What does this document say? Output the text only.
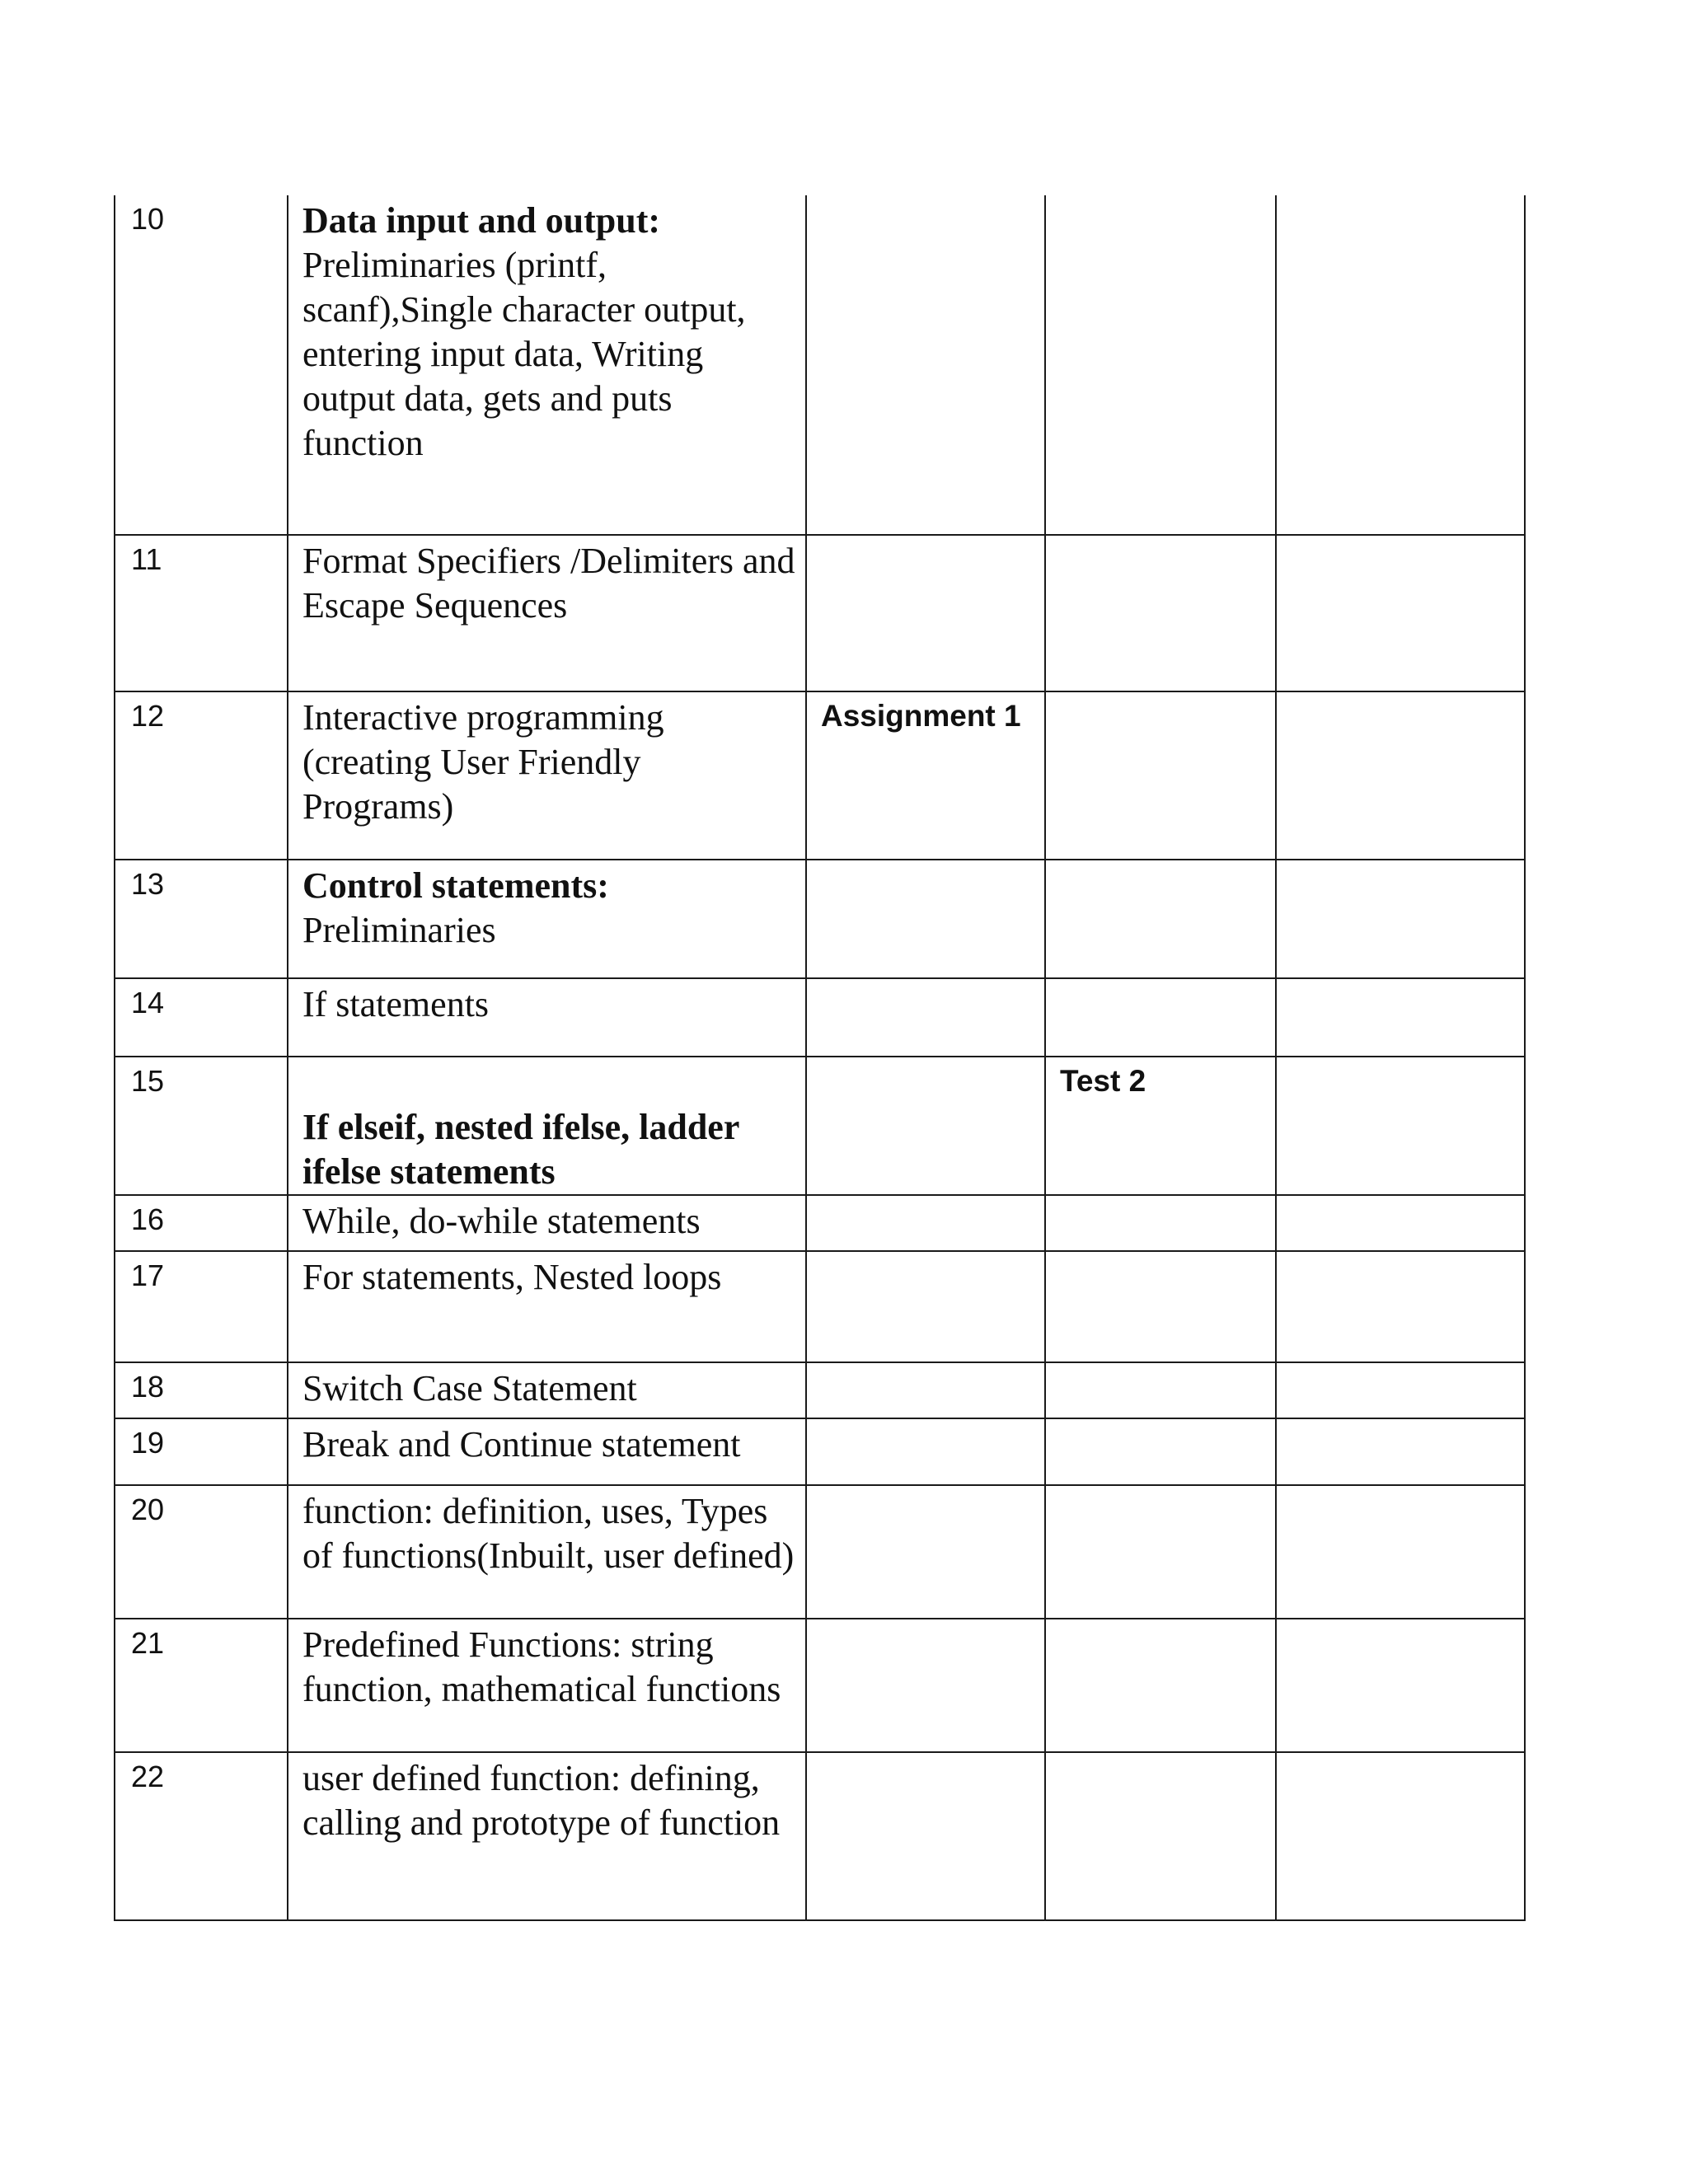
10	Data input and output:
Preliminaries (printf, scanf),Single character output, entering input data, Writing output data, gets and puts function			

11	Format Specifiers /Delimiters and Escape Sequences			

12	Interactive programming (creating User Friendly Programs)	Assignment 1		
13	Control statements:
Preliminaries			

14	If statements			

15	If elseif, nested ifelse, ladder ifelse statements		Test 2	
16	While, do-while statements			

17	For statements, Nested loops			

18	Switch Case Statement			

19	Break and Continue statement			

20	function: definition, uses, Types of functions(Inbuilt, user defined)			

21	Predefined Functions: string function, mathematical functions			

22	user defined function: defining, calling and prototype of function			
